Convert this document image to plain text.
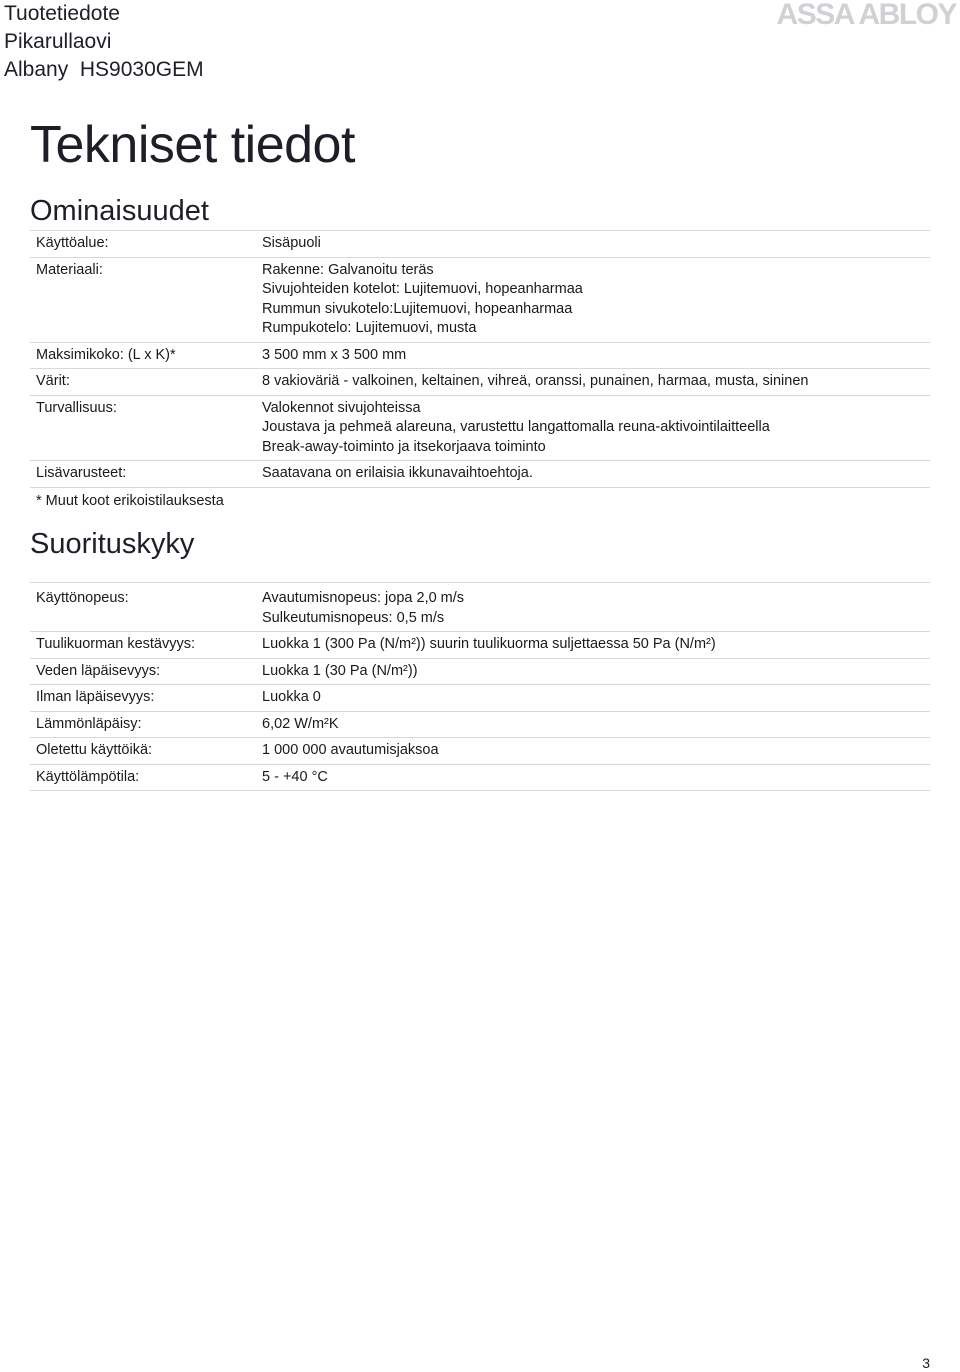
Tuotetiedote
Pikarullaovi
Albany  HS9030GEM
ASSA ABLOY
Tekniset tiedot
Ominaisuudet
Käyttöalue:	Sisäpuoli
Materiaali:	Rakenne: Galvanoitu teräs
Sivujohteiden kotelot: Lujitemuovi, hopeanharmaa
Rummun sivukotelo:Lujitemuovi, hopeanharmaa
Rumpukotelo: Lujitemuovi, musta
Maksimikoko: (L x K)*	3 500 mm x 3 500 mm
Värit:	8 vakioväriä - valkoinen, keltainen, vihreä, oranssi, punainen, harmaa, musta, sininen
Turvallisuus:	Valokennot sivujohteissa
Joustava ja pehmeä alareuna, varustettu langattomalla reuna-aktivointilaitteella
Break-away-toiminto ja itsekorjaava toiminto
Lisävarusteet:	Saatavana on erilaisia ikkunavaihtoehtoja.
* Muut koot erikoistilauksesta
Suorituskyky
Käyttönopeus:	Avautumisnopeus: jopa 2,0 m/s
Sulkeutumisnopeus: 0,5 m/s
Tuulikuorman kestävyys:	Luokka 1 (300 Pa (N/m²)) suurin tuulikuorma suljettaessa 50 Pa (N/m²)
Veden läpäisevyys:	Luokka 1 (30 Pa (N/m²))
Ilman läpäisevyys:	Luokka 0
Lämmönläpäisy:	6,02 W/m²K
Oletettu käyttöikä:	1 000 000 avautumisjaksoa
Käyttölämpötila:	5 - +40 °C
3
